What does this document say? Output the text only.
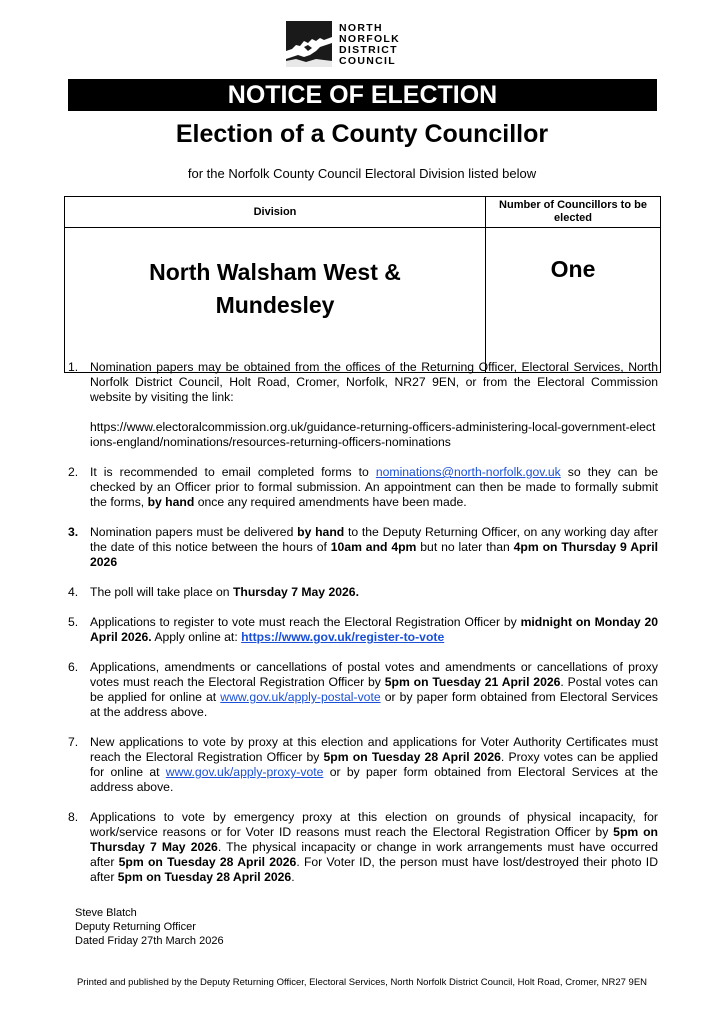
NORTH
NORFOLK
DISTRICT
COUNCIL
NOTICE OF ELECTION
Election of a County Councillor
for the Norfolk County Council Electoral Division listed below
Division	Number of Councillors to be elected

North Walsham West &
Mundesley	One
1. Nomination papers may be obtained from the offices of the Returning Officer, Electoral Services, North Norfolk District Council, Holt Road, Cromer, Norfolk, NR27 9EN, or from the Electoral Commission website by visiting the link:

https://www.electoralcommission.org.uk/guidance-returning-officers-administering-local-government-elections-england/nominations/resources-returning-officers-nominations

2. It is recommended to email completed forms to nominations@north-norfolk.gov.uk so they can be checked by an Officer prior to formal submission. An appointment can then be made to formally submit the forms, by hand once any required amendments have been made.
3. Nomination papers must be delivered by hand to the Deputy Returning Officer, on any working day after the date of this notice between the hours of 10am and 4pm but no later than 4pm on Thursday 9 April 2026
4. The poll will take place on Thursday 7 May 2026.
5. Applications to register to vote must reach the Electoral Registration Officer by midnight on Monday 20 April 2026. Apply online at: https://www.gov.uk/register-to-vote
6. Applications, amendments or cancellations of postal votes and amendments or cancellations of proxy votes must reach the Electoral Registration Officer by 5pm on Tuesday 21 April 2026. Postal votes can be applied for online at www.gov.uk/apply-postal-vote or by paper form obtained from Electoral Services at the address above.
7. New applications to vote by proxy at this election and applications for Voter Authority Certificates must reach the Electoral Registration Officer by 5pm on Tuesday 28 April 2026. Proxy votes can be applied for online at www.gov.uk/apply-proxy-vote or by paper form obtained from Electoral Services at the address above.
8. Applications to vote by emergency proxy at this election on grounds of physical incapacity, for work/service reasons or for Voter ID reasons must reach the Electoral Registration Officer by 5pm on Thursday 7 May 2026. The physical incapacity or change in work arrangements must have occurred after 5pm on Tuesday 28 April 2026. For Voter ID, the person must have lost/destroyed their photo ID after 5pm on Tuesday 28 April 2026.
Steve Blatch
Deputy Returning Officer
Dated Friday 27th March 2026
Printed and published by the Deputy Returning Officer, Electoral Services, North Norfolk District Council, Holt Road, Cromer, NR27 9EN
